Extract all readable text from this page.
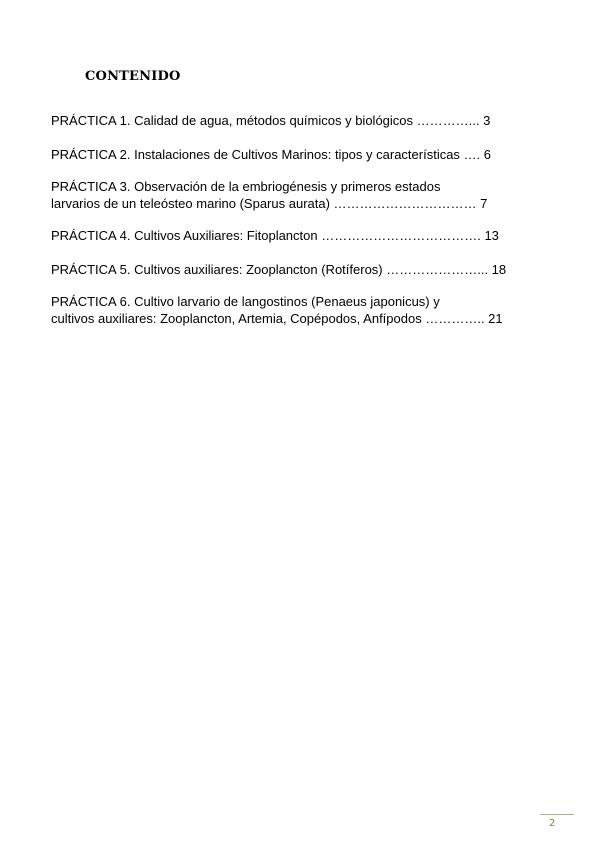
CONTENIDO
PRÁCTICA 1. Calidad de agua, métodos químicos y biológicos …………... 3
PRÁCTICA 2. Instalaciones de Cultivos Marinos: tipos y características …. 6
PRÁCTICA 3. Observación de la embriogénesis y primeros estados
larvarios de un teleósteo marino (Sparus aurata) …………………………… 7
PRÁCTICA 4. Cultivos Auxiliares: Fitoplancton ………………………………. 13
PRÁCTICA 5. Cultivos auxiliares: Zooplancton (Rotíferos) …………………... 18
PRÁCTICA 6. Cultivo larvario de langostinos (Penaeus japonicus) y
cultivos auxiliares: Zooplancton, Artemia, Copépodos, Anfípodos ………….. 21
2
